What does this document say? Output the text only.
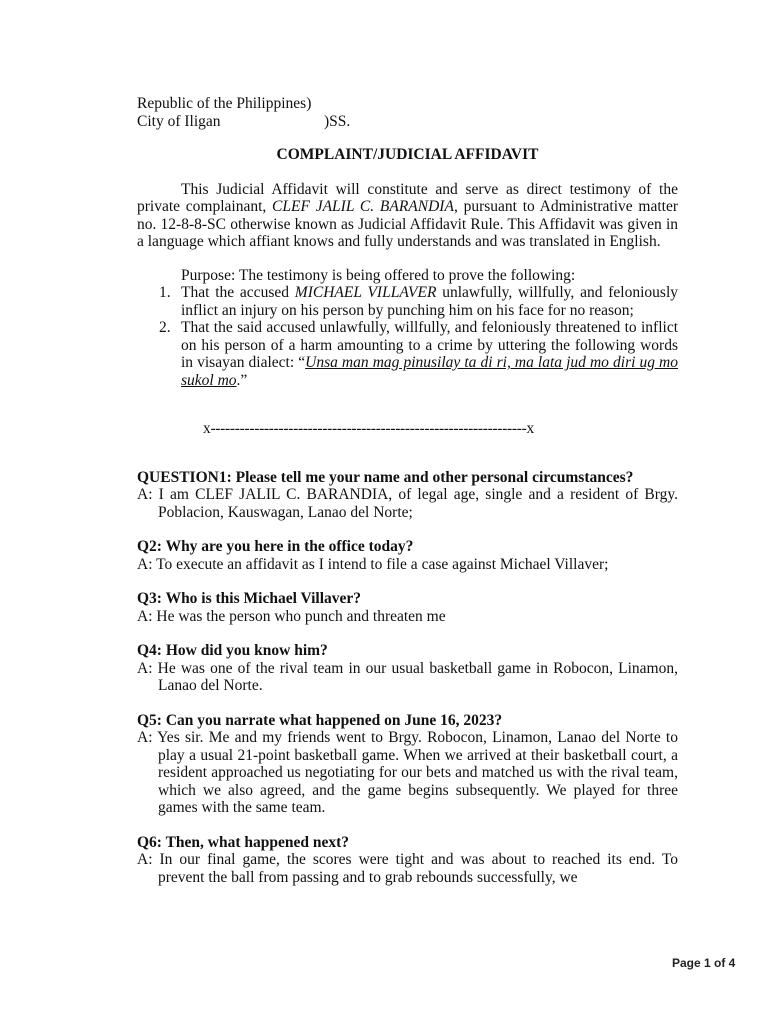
Republic of the Philippines)
City of Iligan	)SS.

COMPLAINT/JUDICIAL AFFIDAVIT

This Judicial Affidavit will constitute and serve as direct testimony of the private complainant, CLEF JALIL C. BARANDIA, pursuant to Administrative matter no. 12-8-8-SC otherwise known as Judicial Affidavit Rule. This Affidavit was given in a language which affiant knows and fully understands and was translated in English.

Purpose: The testimony is being offered to prove the following:

1. That the accused MICHAEL VILLAVER unlawfully, willfully, and feloniously inflict an injury on his person by punching him on his face for no reason;
2. That the said accused unlawfully, willfully, and feloniously threatened to inflict on his person of a harm amounting to a crime by uttering the following words in visayan dialect: “Unsa man mag pinusilay ta di ri, ma lata jud mo diri ug mo sukol mo.”

x-----------------------------------------------------------------x

QUESTION1: Please tell me your name and other personal circumstances?

A: I am CLEF JALIL C. BARANDIA, of legal age, single and a resident of Brgy. Poblacion, Kauswagan, Lanao del Norte;

Q2: Why are you here in the office today?

A: To execute an affidavit as I intend to file a case against Michael Villaver;

Q3: Who is this Michael Villaver?

A: He was the person who punch and threaten me

Q4: How did you know him?

A: He was one of the rival team in our usual basketball game in Robocon, Linamon, Lanao del Norte.

Q5: Can you narrate what happened on June 16, 2023?

A: Yes sir. Me and my friends went to Brgy. Robocon, Linamon, Lanao del Norte to play a usual 21-point basketball game. When we arrived at their basketball court, a resident approached us negotiating for our bets and matched us with the rival team, which we also agreed, and the game begins subsequently. We played for three games with the same team.

Q6: Then, what happened next?

A: In our final game, the scores were tight and was about to reached its end. To prevent the ball from passing and to grab rebounds successfully, we

Page 1 of 4
